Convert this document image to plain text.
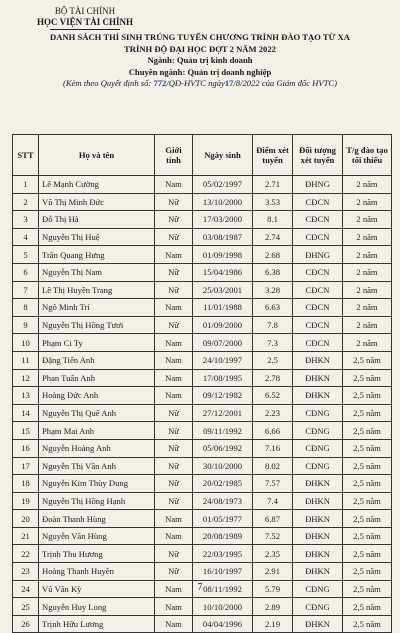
BỘ TÀI CHÍNH
HỌC VIỆN TÀI CHÍNH
DANH SÁCH THÍ SINH TRÚNG TUYỂN CHƯƠNG TRÌNH ĐÀO TẠO TỪ XA
TRÌNH ĐỘ ĐẠI HỌC ĐỢT 2 NĂM 2022
Ngành: Quản trị kinh doanh
Chuyên ngành: Quản trị doanh nghiệp
(Kèm theo Quyết định số: 772/QĐ-HVTC ngày17/8/2022 của Giám đốc HVTC)
STT	Họ và tên	Giới tính	Ngày sinh	Điểm xét tuyển	Đối tượng xét tuyển	T/g đào tạo tối thiểu
1	Lê Mạnh Cường	Nam	05/02/1997	2.71	ĐHNG	2 năm
2	Vũ Thị Minh Đức	Nữ	13/10/2000	3.53	CĐCN	2 năm
3	Đỗ Thị Hà	Nữ	17/03/2000	8.1	CĐCN	2 năm
4	Nguyễn Thị Huệ	Nữ	03/08/1987	2.74	CĐCN	2 năm
5	Trần Quang Hưng	Nam	01/09/1998	2.68	ĐHNG	2 năm
6	Nguyễn Thị Nam	Nữ	15/04/1986	6.38	CĐCN	2 năm
7	Lê Thị Huyền Trang	Nữ	25/03/2001	3.28	CĐCN	2 năm
8	Ngô Minh Trí	Nam	11/01/1988	6.63	CĐCN	2 năm
9	Nguyễn Thị Hồng Tươi	Nữ	01/09/2000	7.8	CĐCN	2 năm
10	Phạm Ci Ty	Nam	09/07/2000	7.3	CĐCN	2 năm
11	Đặng Tiến Anh	Nam	24/10/1997	2.5	ĐHKN	2,5 năm
12	Phan Tuấn Anh	Nam	17/08/1995	2.78	ĐHKN	2,5 năm
13	Hoàng Đức Anh	Nam	09/12/1982	6.52	ĐHKN	2,5 năm
14	Nguyễn Thị Quế Anh	Nữ	27/12/2001	2.23	CĐNG	2,5 năm
15	Phạm Mai Anh	Nữ	09/11/1992	6.66	CĐNG	2,5 năm
16	Nguyễn Hoàng Anh	Nữ	05/06/1992	7.16	CĐNG	2,5 năm
17	Nguyễn Thị Vân Anh	Nữ	30/10/2000	8.02	CĐNG	2,5 năm
18	Nguyễn Kim Thùy Dung	Nữ	20/02/1985	7.57	ĐHKN	2,5 năm
19	Nguyễn Thị Hồng Hạnh	Nữ	24/08/1973	7.4	ĐHKN	2,5 năm
20	Đoàn Thanh Hùng	Nam	01/05/1977	6.87	ĐHKN	2,5 năm
21	Nguyễn Văn Hùng	Nam	20/08/1989	7.52	ĐHKN	2,5 năm
22	Trịnh Thu Hương	Nữ	22/03/1995	2.35	ĐHKN	2,5 năm
23	Hoàng Thanh Huyền	Nữ	16/10/1997	2.91	ĐHKN	2,5 năm
24	Vũ Văn Kỳ	Nam	08/11/1992	5.79	CĐNG	2,5 năm
25	Nguyễn Huy Long	Nam	10/10/2000	2.89	CĐNG	2,5 năm
26	Trịnh Hữu Lương	Nam	04/04/1996	2.19	ĐHKN	2,5 năm
7
